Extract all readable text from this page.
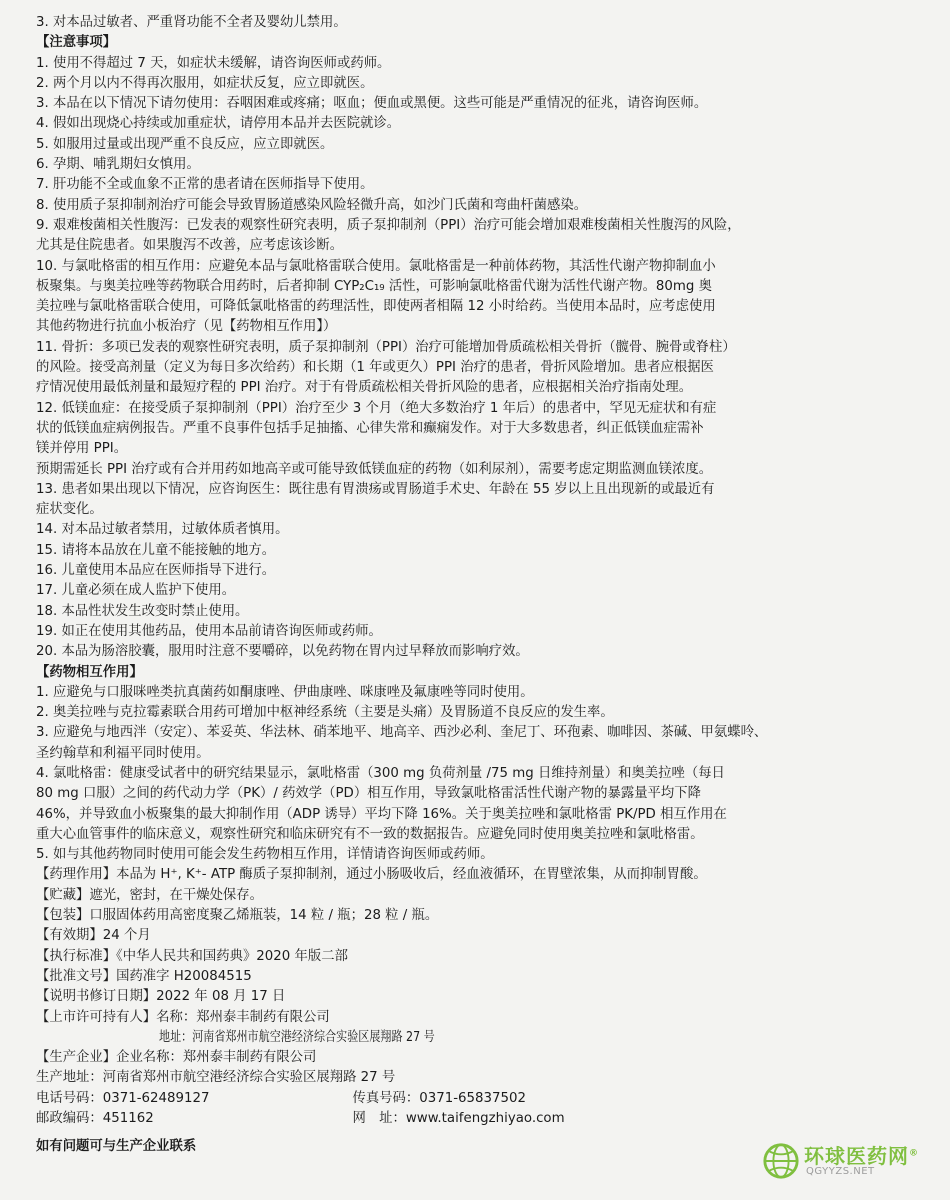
3. 对本品过敏者、严重肾功能不全者及婴幼儿禁用。
【注意事项】
1. 使用不得超过 7 天，如症状未缓解，请咨询医师或药师。
2. 两个月以内不得再次服用，如症状反复，应立即就医。
3. 本品在以下情况下请勿使用：吞咽困难或疼痛；呕血；便血或黑便。这些可能是严重情况的征兆，请咨询医师。
4. 假如出现烧心持续或加重症状，请停用本品并去医院就诊。
5. 如服用过量或出现严重不良反应，应立即就医。
6. 孕期、哺乳期妇女慎用。
7. 肝功能不全或血象不正常的患者请在医师指导下使用。
8. 使用质子泵抑制剂治疗可能会导致胃肠道感染风险轻微升高，如沙门氏菌和弯曲杆菌感染。
9. 艰难梭菌相关性腹泻：已发表的观察性研究表明，质子泵抑制剂（PPI）治疗可能会增加艰难梭菌相关性腹泻的风险，
尤其是住院患者。如果腹泻不改善，应考虑该诊断。
10. 与氯吡格雷的相互作用：应避免本品与氯吡格雷联合使用。氯吡格雷是一种前体药物，其活性代谢产物抑制血小
板聚集。与奥美拉唑等药物联合用药时，后者抑制 CYP₂C₁₉ 活性，可影响氯吡格雷代谢为活性代谢产物。80mg 奥
美拉唑与氯吡格雷联合使用，可降低氯吡格雷的药理活性，即使两者相隔 12 小时给药。当使用本品时，应考虑使用
其他药物进行抗血小板治疗（见【药物相互作用】）
11. 骨折：多项已发表的观察性研究表明，质子泵抑制剂（PPI）治疗可能增加骨质疏松相关骨折（髋骨、腕骨或脊柱）
的风险。接受高剂量（定义为每日多次给药）和长期（1 年或更久）PPI 治疗的患者，骨折风险增加。患者应根据医
疗情况使用最低剂量和最短疗程的 PPI 治疗。对于有骨质疏松相关骨折风险的患者，应根据相关治疗指南处理。
12. 低镁血症：在接受质子泵抑制剂（PPI）治疗至少 3 个月（绝大多数治疗 1 年后）的患者中，罕见无症状和有症
状的低镁血症病例报告。严重不良事件包括手足抽搐、心律失常和癫痫发作。对于大多数患者，纠正低镁血症需补
镁并停用 PPI。
预期需延长 PPI 治疗或有合并用药如地高辛或可能导致低镁血症的药物（如利尿剂），需要考虑定期监测血镁浓度。
13. 患者如果出现以下情况，应咨询医生：既往患有胃溃疡或胃肠道手术史、年龄在 55 岁以上且出现新的或最近有
症状变化。
14. 对本品过敏者禁用，过敏体质者慎用。
15. 请将本品放在儿童不能接触的地方。
16. 儿童使用本品应在医师指导下进行。
17. 儿童必须在成人监护下使用。
18. 本品性状发生改变时禁止使用。
19. 如正在使用其他药品，使用本品前请咨询医师或药师。
20. 本品为肠溶胶囊，服用时注意不要嚼碎，以免药物在胃内过早释放而影响疗效。
【药物相互作用】
1. 应避免与口服咪唑类抗真菌药如酮康唑、伊曲康唑、咪康唑及氟康唑等同时使用。
2. 奥美拉唑与克拉霉素联合用药可增加中枢神经系统（主要是头痛）及胃肠道不良反应的发生率。
3. 应避免与地西泮（安定）、苯妥英、华法林、硝苯地平、地高辛、西沙必利、奎尼丁、环孢素、咖啡因、茶碱、甲氨蝶呤、
圣约翰草和利福平同时使用。
4. 氯吡格雷：健康受试者中的研究结果显示，氯吡格雷（300 mg 负荷剂量 /75 mg 日维持剂量）和奥美拉唑（每日
80 mg 口服）之间的药代动力学（PK）/ 药效学（PD）相互作用，导致氯吡格雷活性代谢产物的暴露量平均下降
46%，并导致血小板聚集的最大抑制作用（ADP 诱导）平均下降 16%。关于奥美拉唑和氯吡格雷 PK/PD 相互作用在
重大心血管事件的临床意义，观察性研究和临床研究有不一致的数据报告。应避免同时使用奥美拉唑和氯吡格雷。
5. 如与其他药物同时使用可能会发生药物相互作用，详情请咨询医师或药师。
【药理作用】本品为 H⁺, K⁺- ATP 酶质子泵抑制剂，通过小肠吸收后，经血液循环，在胃壁浓集，从而抑制胃酸。
【贮藏】遮光，密封，在干燥处保存。
【包装】口服固体药用高密度聚乙烯瓶装，14 粒 / 瓶；28 粒 / 瓶。
【有效期】24 个月
【执行标准】《中华人民共和国药典》2020 年版二部
【批准文号】国药准字 H20084515
【说明书修订日期】2022 年 08 月 17 日
【上市许可持有人】名称：郑州泰丰制药有限公司
地址：河南省郑州市航空港经济综合实验区展翔路 27 号
【生产企业】企业名称：郑州泰丰制药有限公司
生产地址：河南省郑州市航空港经济综合实验区展翔路 27 号
电话号码：0371-62489127	传真号码：0371-65837502
邮政编码：451162	网　址：www.taifengzhiyao.com
如有问题可与生产企业联系	环球医药网®
QGYYZS.NET
